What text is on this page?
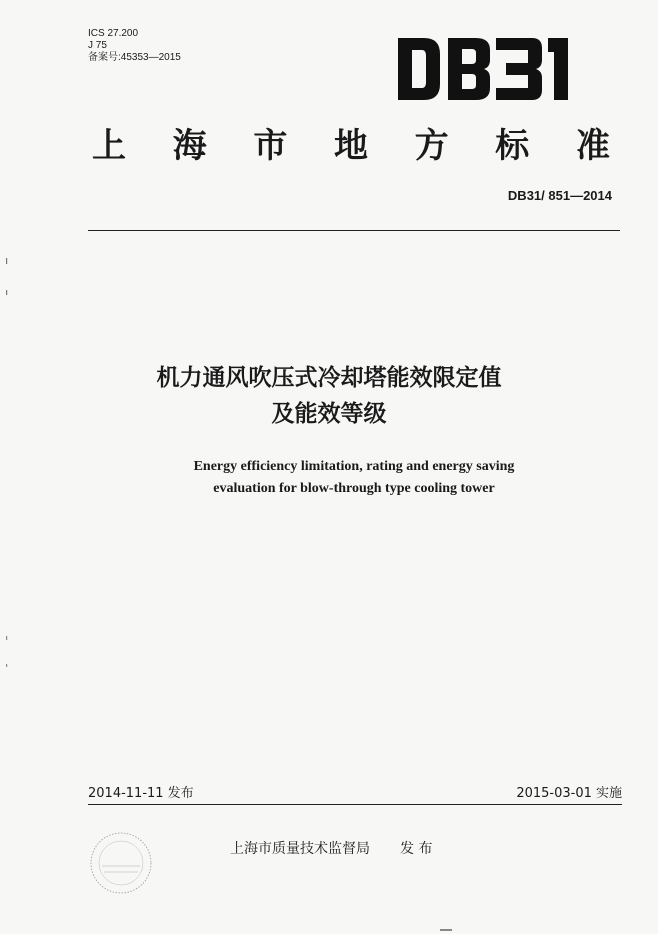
ICS 27.200
J 75
备案号:45353—2015
上 海 市 地 方 标 准
DB31/ 851—2014
机力通风吹压式冷却塔能效限定值
及能效等级
Energy efficiency limitation, rating and energy saving
evaluation for blow-through type cooling tower
2014-11-11 发布	2015-03-01 实施
上海市质量技术监督局 发 布
